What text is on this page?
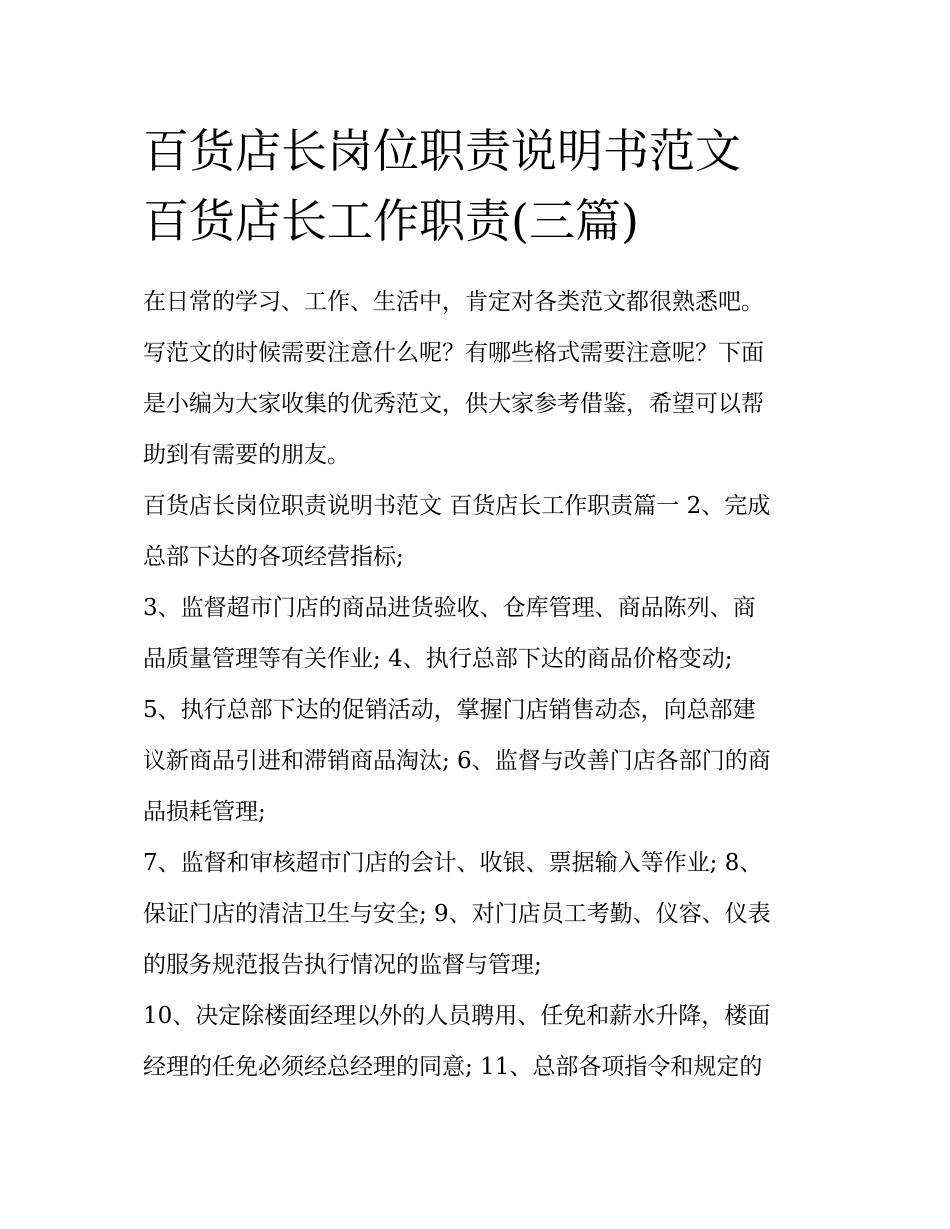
百货店长岗位职责说明书范文
百货店长工作职责(三篇)

在日常的学习、工作、生活中，肯定对各类范文都很熟悉吧。
写范文的时候需要注意什么呢？有哪些格式需要注意呢？下面
是小编为大家收集的优秀范文，供大家参考借鉴，希望可以帮
助到有需要的朋友。

百货店长岗位职责说明书范文 百货店长工作职责篇一 2、完成
总部下达的各项经营指标;

3、监督超市门店的商品进货验收、仓库管理、商品陈列、商
品质量管理等有关作业; 4、执行总部下达的商品价格变动;

5、执行总部下达的促销活动，掌握门店销售动态，向总部建
议新商品引进和滞销商品淘汰; 6、监督与改善门店各部门的商
品损耗管理;

7、监督和审核超市门店的会计、收银、票据输入等作业; 8、
保证门店的清洁卫生与安全; 9、对门店员工考勤、仪容、仪表
的服务规范报告执行情况的监督与管理;

10、决定除楼面经理以外的人员聘用、任免和薪水升降，楼面
经理的任免必须经总经理的同意; 11、总部各项指令和规定的
